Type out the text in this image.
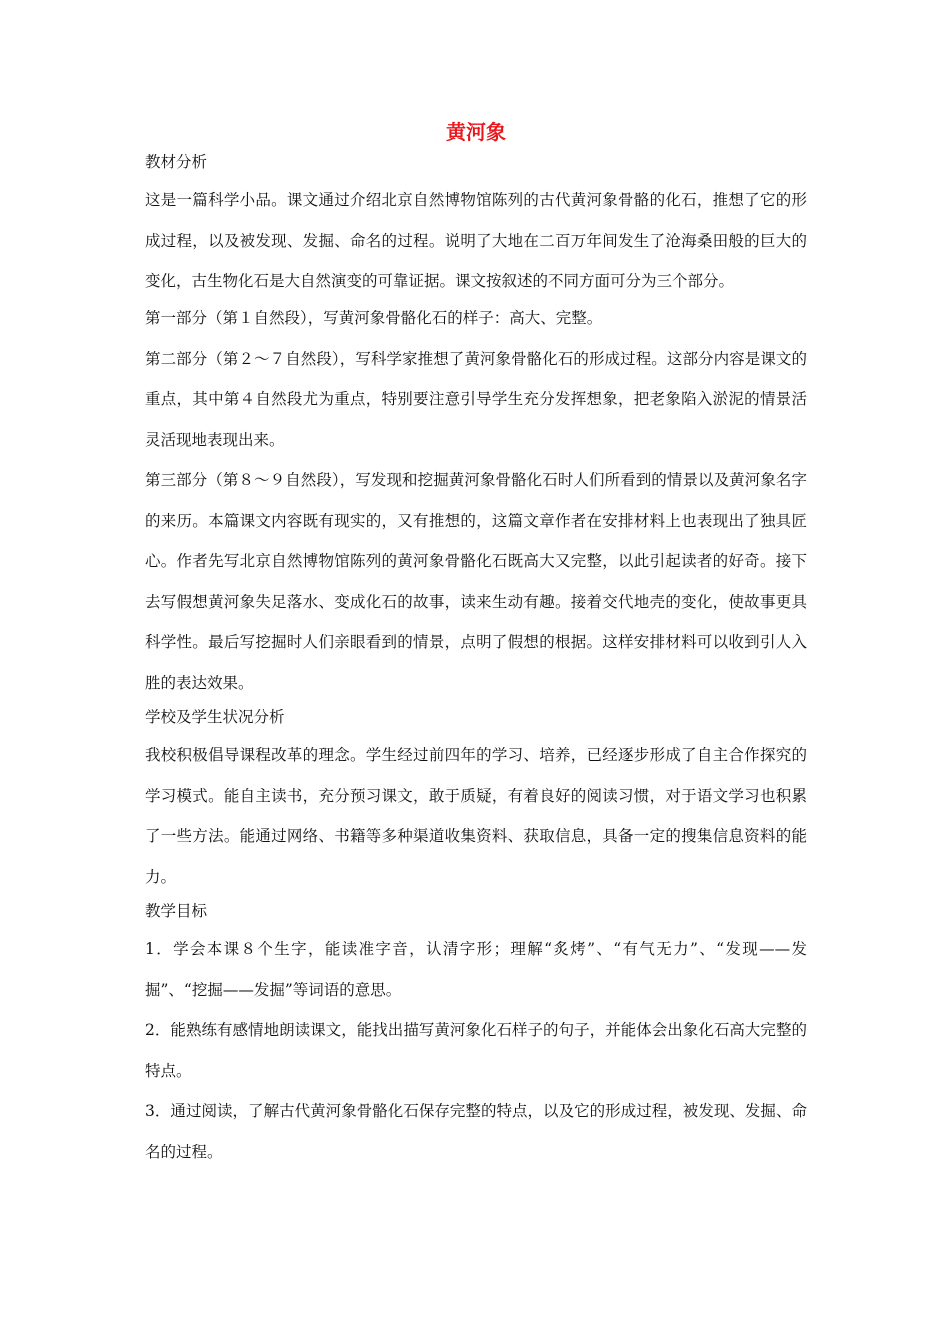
黄河象
教材分析

这是一篇科学小品。课文通过介绍北京自然博物馆陈列的古代黄河象骨骼的化石，推想了它的形成过程，以及被发现、发掘、命名的过程。说明了大地在二百万年间发生了沧海桑田般的巨大的变化，古生物化石是大自然演变的可靠证据。课文按叙述的不同方面可分为三个部分。

第一部分（第１自然段），写黄河象骨骼化石的样子：高大、完整。

第二部分（第２～７自然段），写科学家推想了黄河象骨骼化石的形成过程。这部分内容是课文的重点，其中第４自然段尤为重点，特别要注意引导学生充分发挥想象，把老象陷入淤泥的情景活灵活现地表现出来。

第三部分（第８～９自然段），写发现和挖掘黄河象骨骼化石时人们所看到的情景以及黄河象名字的来历。本篇课文内容既有现实的，又有推想的，这篇文章作者在安排材料上也表现出了独具匠心。作者先写北京自然博物馆陈列的黄河象骨骼化石既高大又完整，以此引起读者的好奇。接下去写假想黄河象失足落水、变成化石的故事，读来生动有趣。接着交代地壳的变化，使故事更具科学性。最后写挖掘时人们亲眼看到的情景，点明了假想的根据。这样安排材料可以收到引人入胜的表达效果。

学校及学生状况分析

我校积极倡导课程改革的理念。学生经过前四年的学习、培养，已经逐步形成了自主合作探究的学习模式。能自主读书，充分预习课文，敢于质疑，有着良好的阅读习惯，对于语文学习也积累了一些方法。能通过网络、书籍等多种渠道收集资料、获取信息，具备一定的搜集信息资料的能力。

教学目标

1．学会本课８个生字，能读准字音，认清字形；理解“炙烤”、“有气无力”、“发现——发掘”、“挖掘——发掘”等词语的意思。

2．能熟练有感情地朗读课文，能找出描写黄河象化石样子的句子，并能体会出象化石高大完整的特点。

3．通过阅读，了解古代黄河象骨骼化石保存完整的特点，以及它的形成过程，被发现、发掘、命名的过程。
